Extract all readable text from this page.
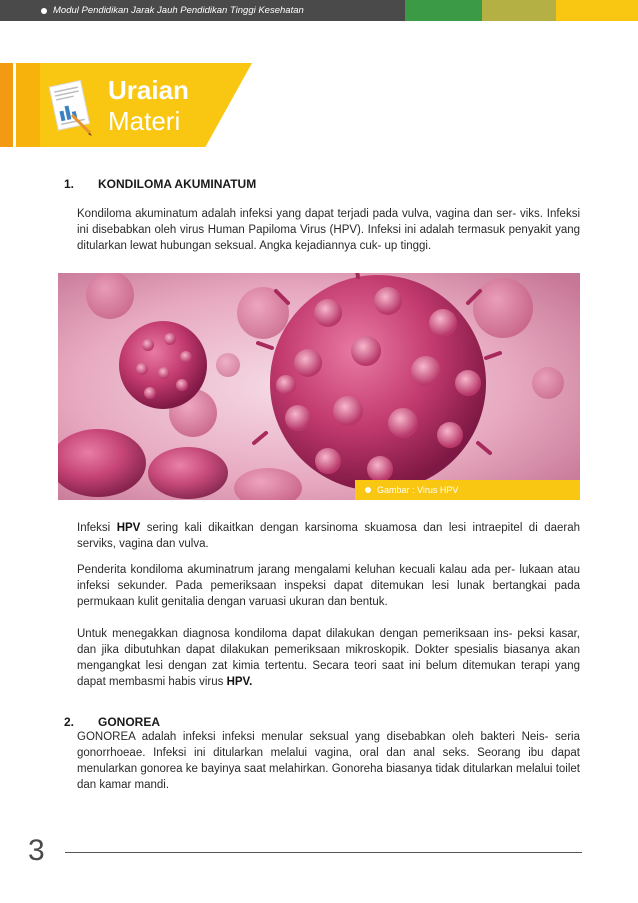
Modul Pendidikan Jarak Jauh Pendidikan Tinggi Kesehatan
Uraian
Materi
1. KONDILOMA AKUMINATUM

Kondiloma akuminatum adalah infeksi yang dapat terjadi pada vulva, vagina dan ser- viks. Infeksi ini disebabkan oleh virus Human Papiloma Virus (HPV). Infeksi ini adalah termasuk penyakit yang ditularkan lewat hubungan seksual. Angka kejadiannya cuk- up tinggi.

Gambar : Virus HPV

Infeksi HPV sering kali dikaitkan dengan karsinoma skuamosa dan lesi intraepitel di daerah serviks, vagina dan vulva.

Penderita kondiloma akuminatrum jarang mengalami keluhan kecuali kalau ada per- lukaan atau infeksi sekunder. Pada pemeriksaan inspeksi dapat ditemukan lesi lunak bertangkai pada permukaan kulit genitalia dengan varuasi ukuran dan bentuk.

Untuk menegakkan diagnosa kondiloma dapat dilakukan dengan pemeriksaan ins- peksi kasar, dan jika dibutuhkan dapat dilakukan pemeriksaan mikroskopik. Dokter spesialis biasanya akan mengangkat lesi dengan zat kimia tertentu. Secara teori saat ini belum ditemukan terapi yang dapat membasmi habis virus HPV.

2. GONOREA

GONOREA adalah infeksi infeksi menular seksual yang disebabkan oleh bakteri Neis- seria gonorrhoeae. Infeksi ini ditularkan melalui vagina, oral dan anal seks. Seorang ibu dapat menularkan gonorea ke bayinya saat melahirkan. Gonoreha biasanya tidak ditularkan melalui toilet dan kamar mandi.

3
